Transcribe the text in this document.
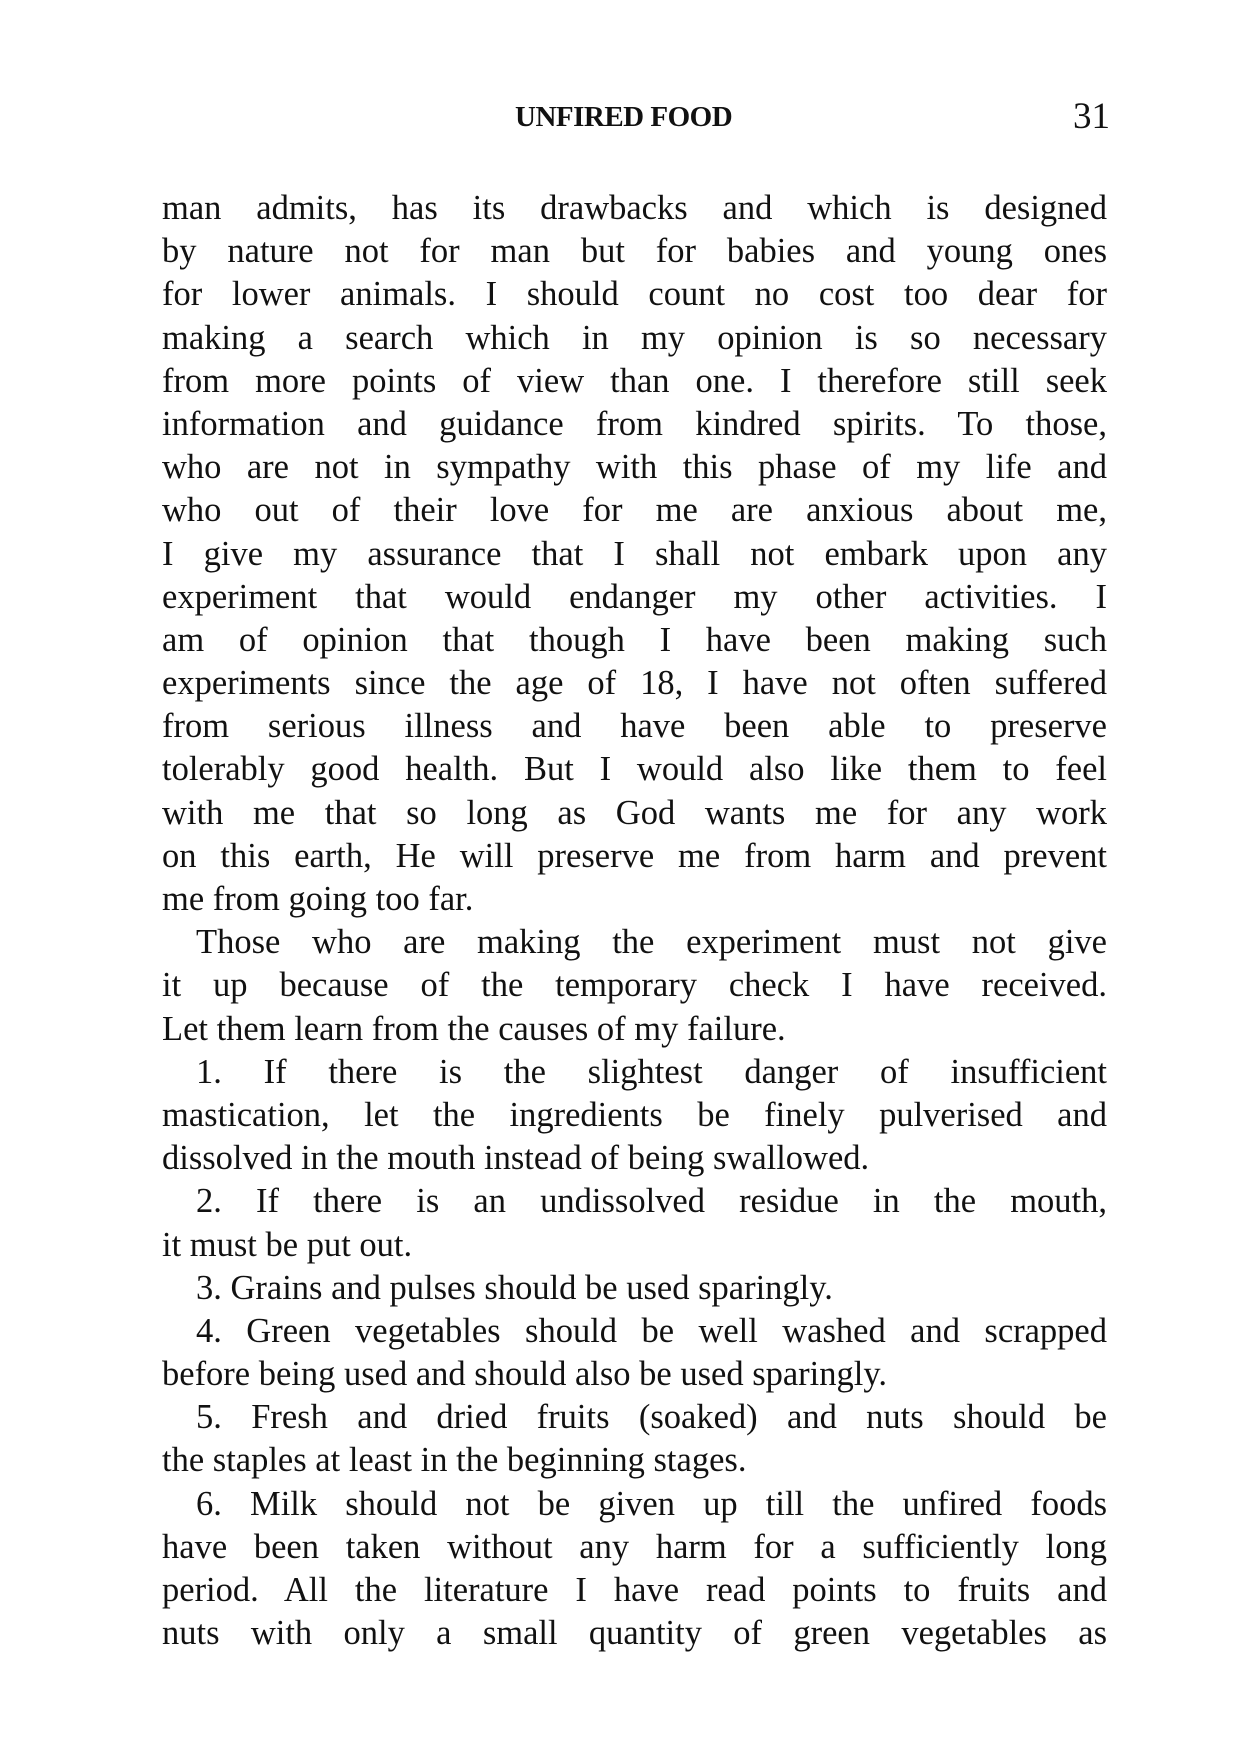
UNFIRED FOOD	31
man admits, has its drawbacks and which is designed
by nature not for man but for babies and young ones
for lower animals. I should count no cost too dear for
making a search which in my opinion is so necessary
from more points of view than one. I therefore still seek
information and guidance from kindred spirits. To those,
who are not in sympathy with this phase of my life and
who out of their love for me are anxious about me,
I give my assurance that I shall not embark upon any
experiment that would endanger my other activities. I
am of opinion that though I have been making such
experiments since the age of 18, I have not often suffered
from serious illness and have been able to preserve
tolerably good health. But I would also like them to feel
with me that so long as God wants me for any work
on this earth, He will preserve me from harm and prevent
me from going too far.
Those who are making the experiment must not give
it up because of the temporary check I have received.
Let them learn from the causes of my failure.
1. If there is the slightest danger of insufficient
mastication, let the ingredients be finely pulverised and
dissolved in the mouth instead of being swallowed.
2. If there is an undissolved residue in the mouth,
it must be put out.
3. Grains and pulses should be used sparingly.
4. Green vegetables should be well washed and scrapped
before being used and should also be used sparingly.
5. Fresh and dried fruits (soaked) and nuts should be
the staples at least in the beginning stages.
6. Milk should not be given up till the unfired foods
have been taken without any harm for a sufficiently long
period. All the literature I have read points to fruits and
nuts with only a small quantity of green vegetables as
